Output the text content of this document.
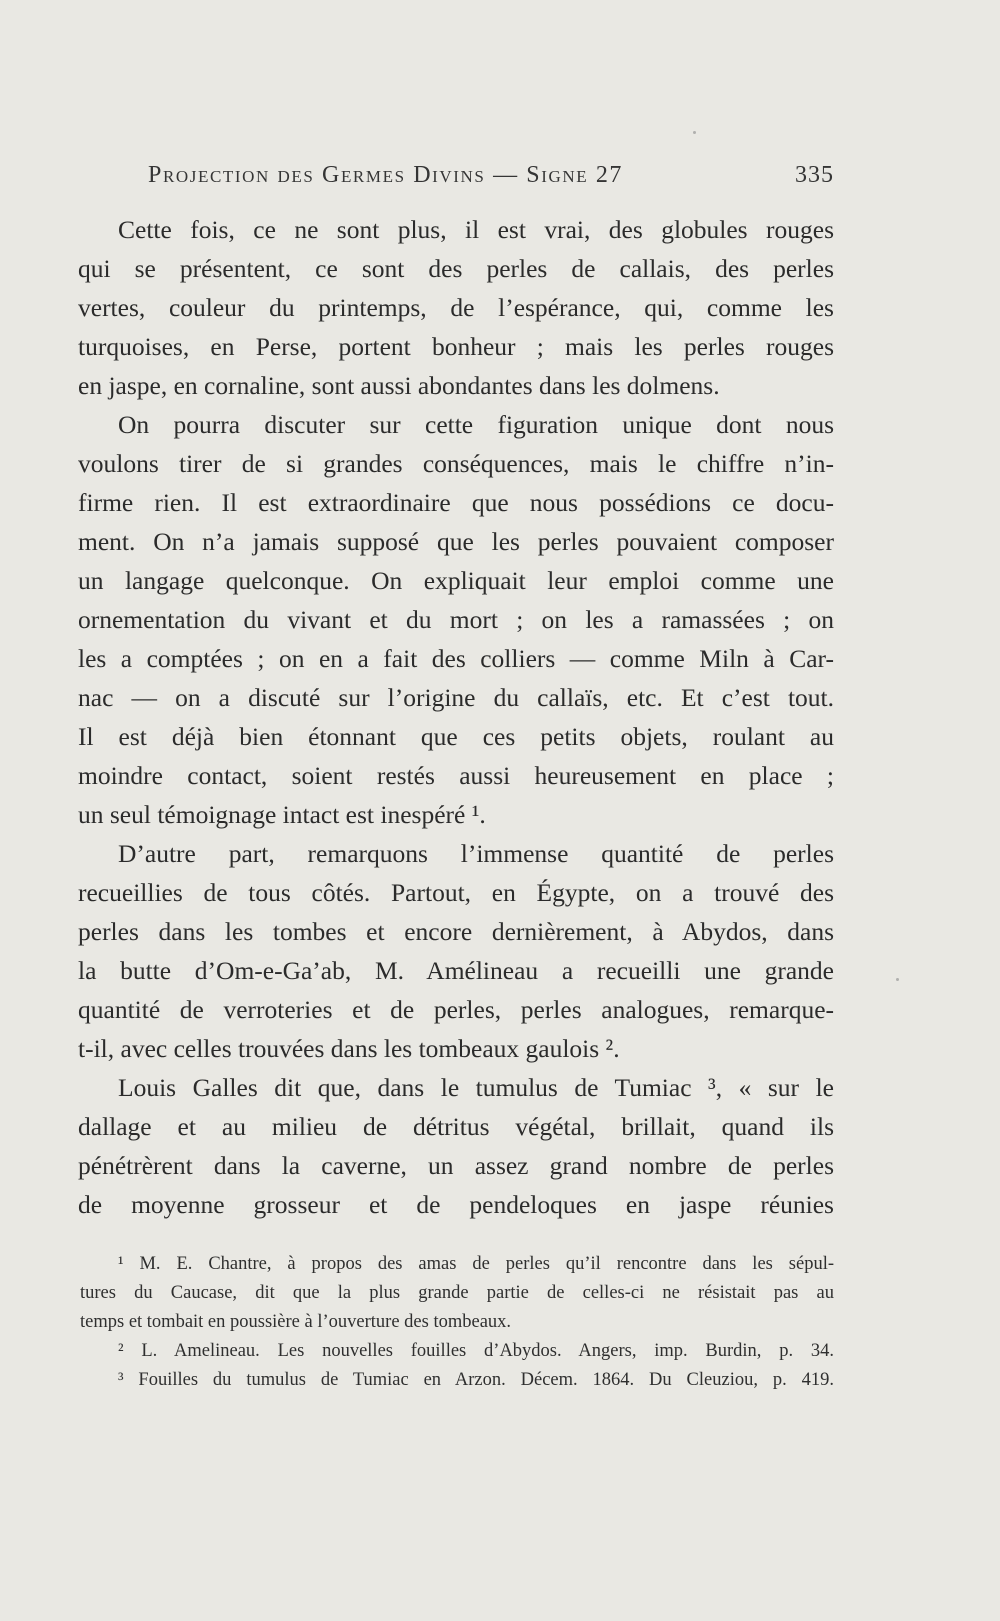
Projection des Germes Divins — Signe 27	335
Cette fois, ce ne sont plus, il est vrai, des globules rouges
qui se présentent, ce sont des perles de callais, des perles
vertes, couleur du printemps, de l’espérance, qui, comme les
turquoises, en Perse, portent bonheur ; mais les perles rouges
en jaspe, en cornaline, sont aussi abondantes dans les dolmens.
On pourra discuter sur cette figuration unique dont nous
voulons tirer de si grandes conséquences, mais le chiffre n’in-
firme rien. Il est extraordinaire que nous possédions ce docu-
ment. On n’a jamais supposé que les perles pouvaient composer
un langage quelconque. On expliquait leur emploi comme une
ornementation du vivant et du mort ; on les a ramassées ; on
les a comptées ; on en a fait des colliers — comme Miln à Car-
nac — on a discuté sur l’origine du callaïs, etc. Et c’est tout.
Il est déjà bien étonnant que ces petits objets, roulant au
moindre contact, soient restés aussi heureusement en place ;
un seul témoignage intact est inespéré ¹.
D’autre part, remarquons l’immense quantité de perles
recueillies de tous côtés. Partout, en Égypte, on a trouvé des
perles dans les tombes et encore dernièrement, à Abydos, dans
la butte d’Om-e-Ga’ab, M. Amélineau a recueilli une grande
quantité de verroteries et de perles, perles analogues, remarque-
t-il, avec celles trouvées dans les tombeaux gaulois ².
Louis Galles dit que, dans le tumulus de Tumiac ³, « sur le
dallage et au milieu de détritus végétal, brillait, quand ils
pénétrèrent dans la caverne, un assez grand nombre de perles
de moyenne grosseur et de pendeloques en jaspe réunies
¹ M. E. Chantre, à propos des amas de perles qu’il rencontre dans les sépul-
tures du Caucase, dit que la plus grande partie de celles-ci ne résistait pas au
temps et tombait en poussière à l’ouverture des tombeaux.
² L. Amelineau. Les nouvelles fouilles d’Abydos. Angers, imp. Burdin, p. 34.
³ Fouilles du tumulus de Tumiac en Arzon. Décem. 1864. Du Cleuziou, p. 419.
